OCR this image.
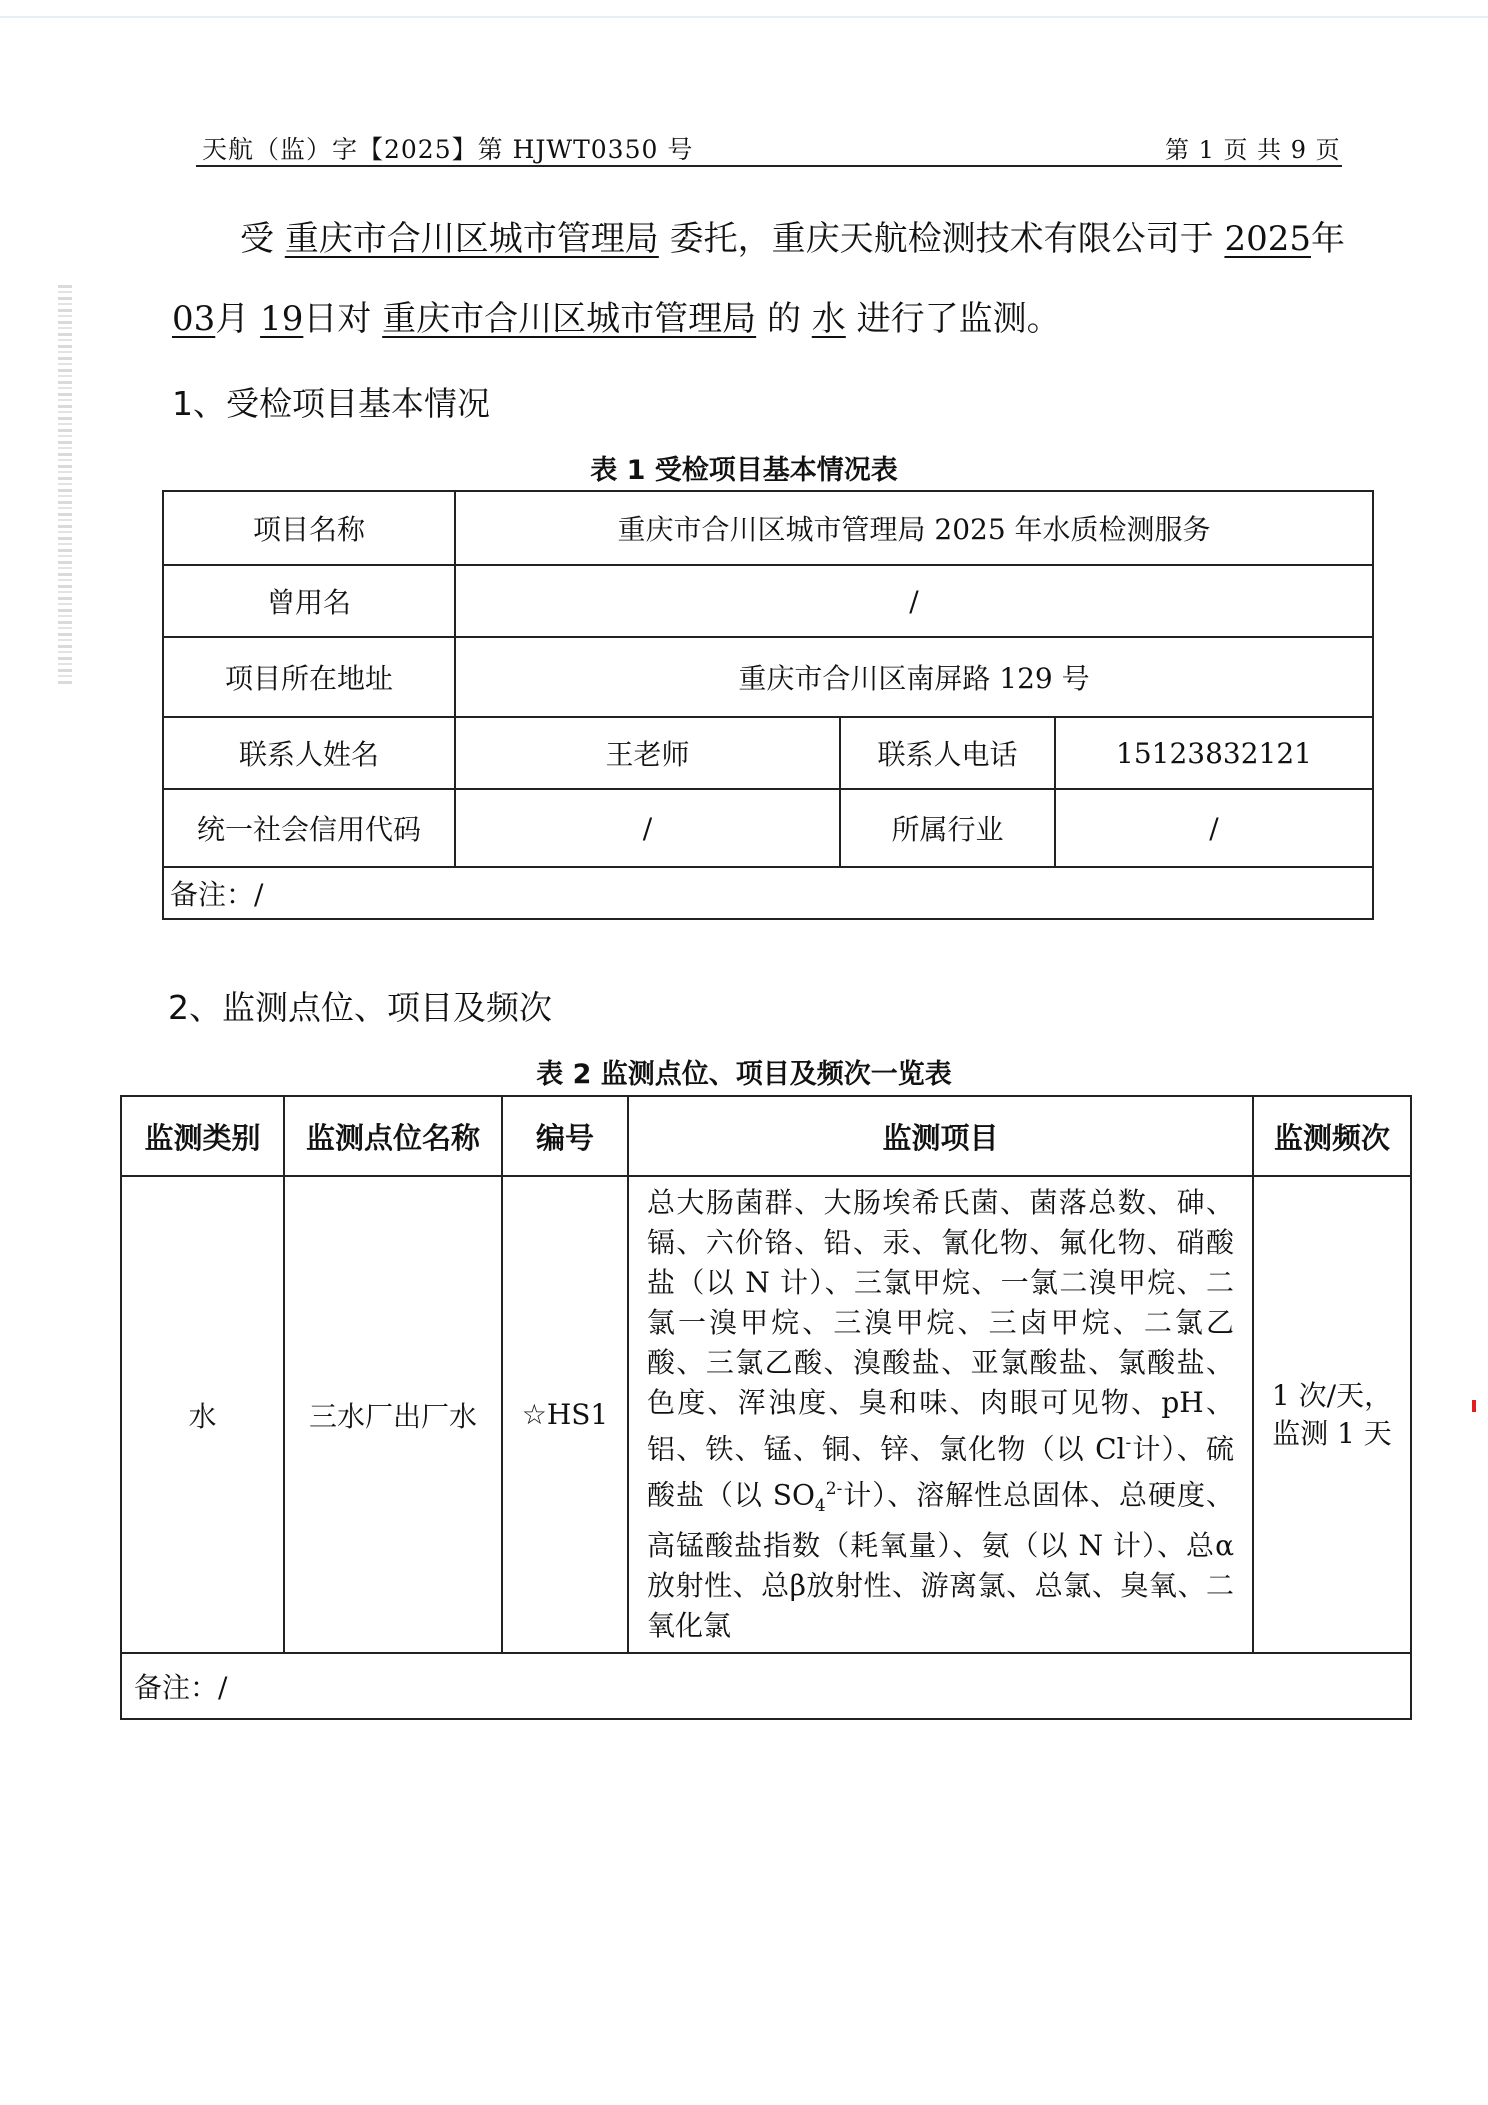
天航（监）字【2025】第 HJWT0350 号	第 1 页 共 9 页
受 重庆市合川区城市管理局 委托，重庆天航检测技术有限公司于 2025年
03月 19日对 重庆市合川区城市管理局 的 水 进行了监测。
1、受检项目基本情况
表 1 受检项目基本情况表
项目名称	重庆市合川区城市管理局 2025 年水质检测服务		
曾用名	/		
项目所在地址	重庆市合川区南屏路 129 号		
联系人姓名	王老师	联系人电话	15123832121
统一社会信用代码	/	所属行业	/
备注：/			
2、监测点位、项目及频次
表 2 监测点位、项目及频次一览表
监测类别	监测点位名称	编号	监测项目	监测频次
水	三水厂出厂水	☆HS1	总大肠菌群、大肠埃希氏菌、菌落总数、砷、镉、六价铬、铅、汞、氰化物、氟化物、硝酸盐（以 N 计）、三氯甲烷、一氯二溴甲烷、二氯一溴甲烷、三溴甲烷、三卤甲烷、二氯乙酸、三氯乙酸、溴酸盐、亚氯酸盐、氯酸盐、色度、浑浊度、臭和味、肉眼可见物、pH、铝、铁、锰、铜、锌、氯化物（以 Cl-计）、硫酸盐（以 $SO_4^{2-}$计）、溶解性总固体、总硬度、高锰酸盐指数（耗氧量）、氨（以 N 计）、总α放射性、总β放射性、游离氯、总氯、臭氧、二氧化氯	1 次/天，
监测 1 天

备注：/				
